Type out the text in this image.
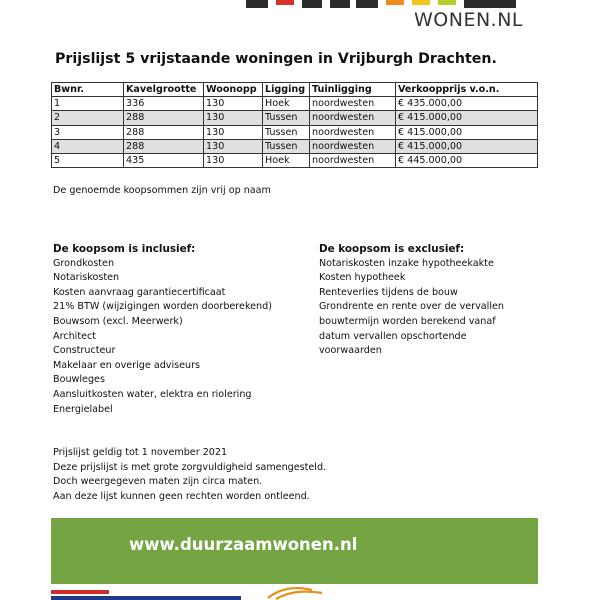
WONEN.NL
Prijslijst 5 vrijstaande woningen in Vrijburgh Drachten.
Bwnr.	Kavelgrootte	Woonopp	Ligging	Tuinligging	Verkoopprijs v.o.n.
1	336	130	Hoek	noordwesten	€ 435.000,00
2	288	130	Tussen	noordwesten	€ 415.000,00
3	288	130	Tussen	noordwesten	€ 415.000,00
4	288	130	Tussen	noordwesten	€ 415.000,00
5	435	130	Hoek	noordwesten	€ 445.000,00
De genoemde koopsommen zijn vrij op naam
De koopsom is inclusief:
Grondkosten
Notariskosten
Kosten aanvraag garantiecertificaat
21% BTW (wijzigingen worden doorberekend)
Bouwsom (excl. Meerwerk)
Architect
Constructeur
Makelaar en overige adviseurs
Bouwleges
Aansluitkosten water, elektra en riolering
Energielabel
De koopsom is exclusief:
Notariskosten inzake hypotheekakte
Kosten hypotheek
Renteverlies tijdens de bouw
Grondrente en rente over de vervallen
bouwtermijn worden berekend vanaf
datum vervallen opschortende
voorwaarden
Prijslijst geldig tot 1 november 2021
Deze prijslijst is met grote zorgvuldigheid samengesteld.
Doch weergegeven maten zijn circa maten.
Aan deze lijst kunnen geen rechten worden ontleend.
www.duurzaamwonen.nl
